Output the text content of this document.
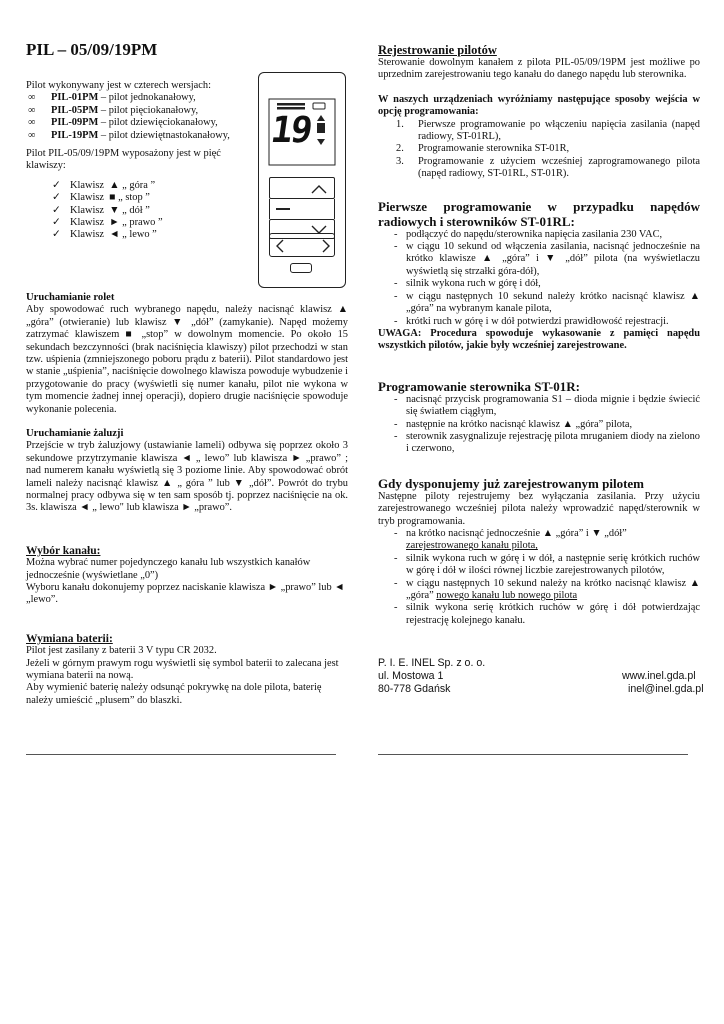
PIL – 05/09/19PM

Pilot wykonywany jest w czterech wersjach:

∞ PIL-01PM – pilot jednokanałowy,
∞ PIL-05PM – pilot pięciokanałowy,
∞ PIL-09PM – pilot dziewięciokanałowy,
∞ PIL-19PM – pilot dziewiętnastokanałowy,

Pilot PIL-05/09/19PM wyposażony jest w pięć klawiszy:

✓ Klawisz ▲ „ góra ”
✓ Klawisz ■ „ stop ”
✓ Klawisz ▼ „ dół ”
✓ Klawisz ► „ prawo ”
✓ Klawisz ◄ „ lewo ”
Uruchamianie rolet

Aby spowodować ruch wybranego napędu, należy nacisnąć klawisz ▲ „góra” (otwieranie) lub klawisz ▼ „dół” (zamykanie). Napęd możemy zatrzymać klawiszem ■ „stop” w dowolnym momencie. Po około 15 sekundach bezczynności (brak naciśnięcia klawiszy) pilot przechodzi w stan tzw. uśpienia (zmniejszonego poboru prądu z baterii). Pilot standardowo jest w stanie „uśpienia”, naciśnięcie dowolnego klawisza powoduje wybudzenie i przygotowanie do pracy (wyświetli się numer kanału, pilot nie wykona w tym momencie żadnej innej operacji), dopiero drugie naciśnięcie spowoduje wykonanie polecenia.

Uruchamianie żaluzji

Przejście w tryb żaluzjowy (ustawianie lameli) odbywa się poprzez około 3 sekundowe przytrzymanie klawisza ◄ „ lewo” lub klawisza ► „prawo” ; nad numerem kanału wyświetlą się 3 poziome linie. Aby spowodować obrót lameli należy nacisnąć klawisz ▲ „ góra ” lub ▼ „dół”. Powrót do trybu normalnej pracy odbywa się w ten sam sposób tj. poprzez naciśnięcie na ok. 3s. klawisza ◄ „ lewo" lub klawisza ► „prawo”.

Wybór kanału:

Można wybrać numer pojedynczego kanału lub wszystkich kanałów jednocześnie (wyświetlane „0”)

Wyboru kanału dokonujemy poprzez naciskanie klawisza ► „prawo” lub ◄ „lewo”.

Wymiana baterii:

Pilot jest zasilany z baterii 3 V typu CR 2032.

Jeżeli w górnym prawym rogu wyświetli się symbol baterii to zalecana jest wymiana baterii na nową.

Aby wymienić baterię należy odsunąć pokrywkę na dole pilota, baterię należy umieścić „plusem” do blaszki.

19
Rejestrowanie pilotów

Sterowanie dowolnym kanałem z pilota PIL-05/09/19PM jest możliwe po uprzednim zarejestrowaniu tego kanału do danego napędu lub sterownika.

W naszych urządzeniach wyróżniamy następujące sposoby wejścia w opcję programowania:

1. Pierwsze programowanie po włączeniu napięcia zasilania (napęd radiowy, ST-01RL),
2. Programowanie sterownika ST-01R,
3. Programowanie z użyciem wcześniej zaprogramowanego pilota (napęd radiowy, ST-01RL, ST-01R).
Pierwsze programowanie w przypadku napędów radiowych i sterowników ST-01RL:
- podłączyć do napędu/sterownika napięcia zasilania 230 VAC,
- w ciągu 10 sekund od włączenia zasilania, nacisnąć jednocześnie na krótko klawisze ▲ „góra” i ▼ „dół” pilota (na wyświetlaczu wyświetlą się strzałki góra-dół),
- silnik wykona ruch w górę i dół,
- w ciągu następnych 10 sekund należy krótko nacisnąć klawisz ▲ „góra” na wybranym kanale pilota,
- krótki ruch w górę i w dół potwierdzi prawidłowość rejestracji.

UWAGA: Procedura spowoduje wykasowanie z pamięci napędu wszystkich pilotów, jakie były wcześniej zarejestrowane.

Programowanie sterownika ST-01R:
- nacisnąć przycisk programowania S1 – dioda mignie i będzie świecić się światłem ciągłym,
- następnie na krótko nacisnąć klawisz ▲ „góra” pilota,
- sterownik zasygnalizuje rejestrację pilota mruganiem diody na zielono i czerwono,
Gdy dysponujemy już zarejestrowanym pilotem

Następne piloty rejestrujemy bez wyłączania zasilania. Przy użyciu zarejestrowanego wcześniej pilota należy wprowadzić napęd/sterownik w tryb programowania.

- na krótko nacisnąć jednocześnie ▲ „góra” i ▼ „dół”
zarejestrowanego kanału pilota,
- silnik wykona ruch w górę i w dół, a następnie serię krótkich ruchów w górę i dół w ilości równej liczbie zarejestrowanych pilotów,
- w ciągu następnych 10 sekund należy na krótko nacisnąć klawisz ▲ „góra” nowego kanału lub nowego pilota
- silnik wykona serię krótkich ruchów w górę i dół potwierdzając rejestrację kolejnego kanału.
P. I. E. INEL Sp. z o. o.
ul. Mostowa 1
80-778 Gdańsk
www.inel.gda.pl
inel@inel.gda.pl
